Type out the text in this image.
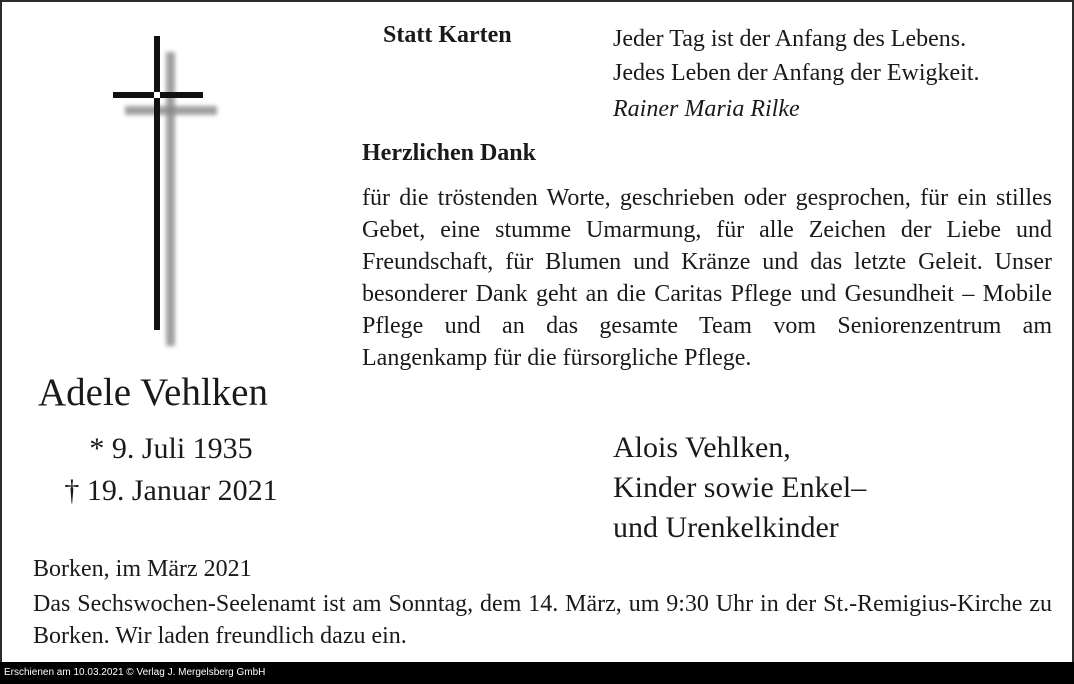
Statt Karten	Jeder Tag ist der Anfang des Lebens.
Jedes Leben der Anfang der Ewigkeit.
Rainer Maria Rilke
Herzlichen Dank
für die tröstenden Worte, geschrieben oder gesprochen, für ein stilles Gebet, eine stumme Umarmung, für alle Zeichen der Liebe und Freundschaft, für Blumen und Kränze und das letzte Geleit. Unser besonderer Dank geht an die Caritas Pflege und Gesundheit – Mobile Pflege und an das gesamte Team vom Seniorenzentrum am Langenkamp für die fürsorgliche Pflege.
Adele Vehlken
* 9. Juli 1935
† 19. Januar 2021
Alois Vehlken,
Kinder sowie Enkel–
und Urenkelkinder
Borken, im März 2021
Das Sechswochen-Seelenamt ist am Sonntag, dem 14. März, um 9:30 Uhr in der St.-Remigius-Kirche zu Borken. Wir laden freundlich dazu ein.
Erschienen am 10.03.2021 © Verlag J. Mergelsberg GmbH
